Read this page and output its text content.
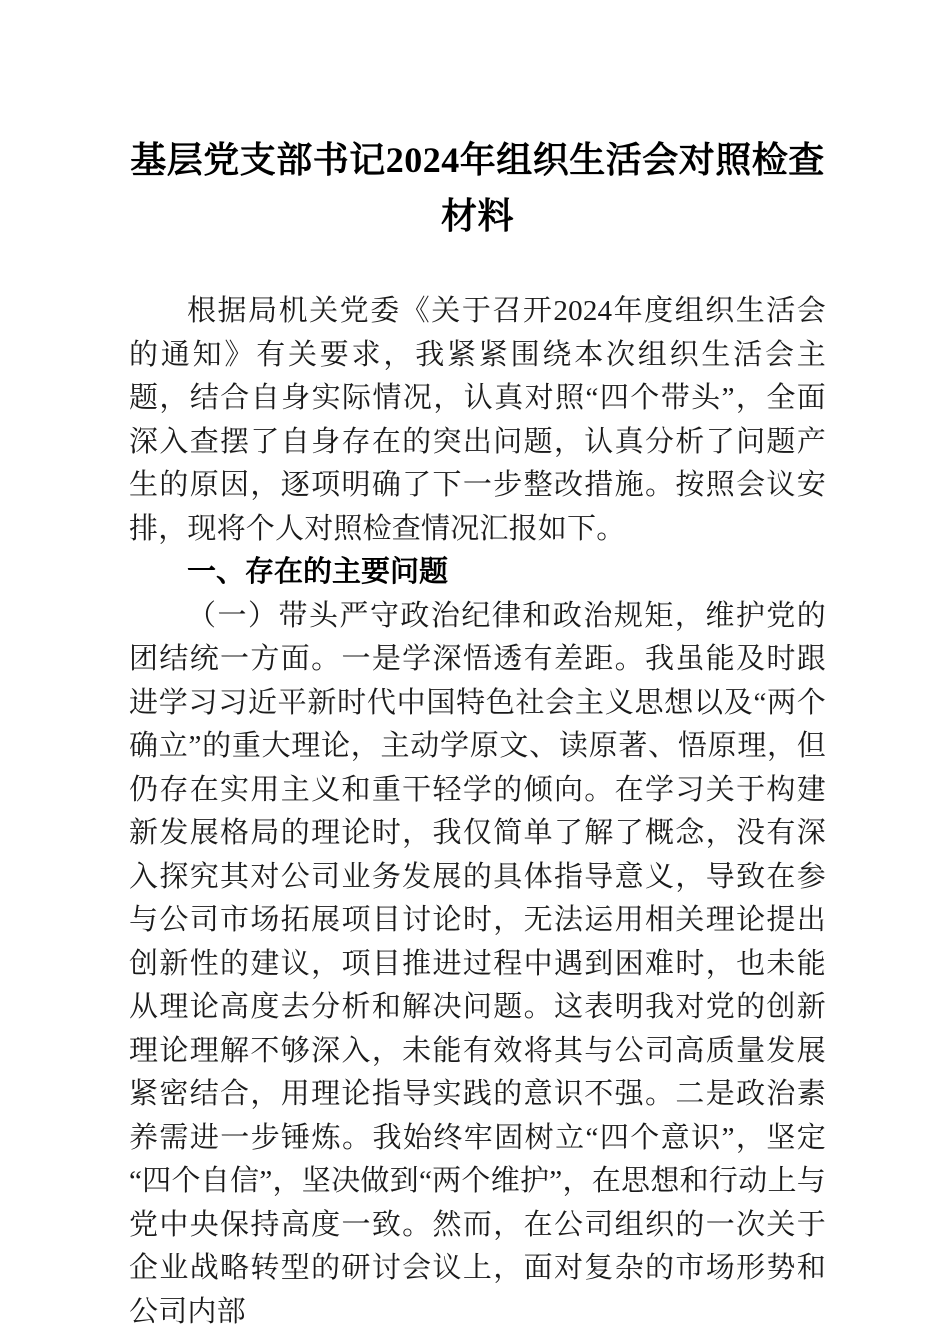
基层党支部书记2024年组织生活会对照检查材料

根据局机关党委《关于召开2024年度组织生活会的通知》有关要求，我紧紧围绕本次组织生活会主题，结合自身实际情况，认真对照“四个带头”，全面深入查摆了自身存在的突出问题，认真分析了问题产生的原因，逐项明确了下一步整改措施。按照会议安排，现将个人对照检查情况汇报如下。

一、存在的主要问题

（一）带头严守政治纪律和政治规矩，维护党的团结统一方面。一是学深悟透有差距。我虽能及时跟进学习习近平新时代中国特色社会主义思想以及“两个确立”的重大理论，主动学原文、读原著、悟原理，但仍存在实用主义和重干轻学的倾向。在学习关于构建新发展格局的理论时，我仅简单了解了概念，没有深入探究其对公司业务发展的具体指导意义，导致在参与公司市场拓展项目讨论时，无法运用相关理论提出创新性的建议，项目推进过程中遇到困难时，也未能从理论高度去分析和解决问题。这表明我对党的创新理论理解不够深入，未能有效将其与公司高质量发展紧密结合，用理论指导实践的意识不强。二是政治素养需进一步锤炼。我始终牢固树立“四个意识”，坚定“四个自信”，坚决做到“两个维护”，在思想和行动上与党中央保持高度一致。然而，在公司组织的一次关于企业战略转型的研讨会议上，面对复杂的市场形势和公司内部
